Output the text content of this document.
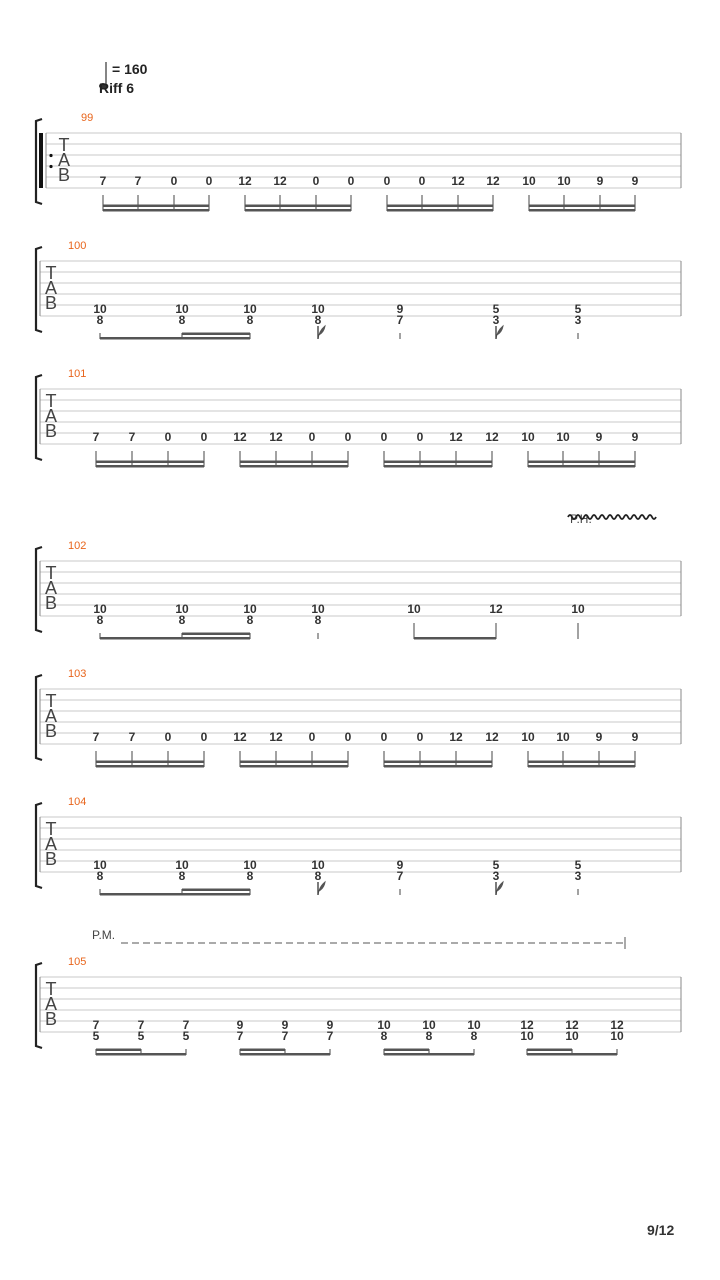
= 160
Riff 6
T
A
B
99
7 7 0 0 12 12 0 0 0 0 12 12 10 10 9 9
T
A
B
100
10
8
10
8
10
8
10
8
9
7
5
3
5
3
T
A
B
101
7 7 0 0 12 12 0 0 0 0 12 12 10 10 9 9
T
A
B
102
10
8
10
8
10
8
10
8
10	12	10
T
A
B
103
7 7 0 0 12 12 0 0 0 0 12 12 10 10 9 9
T
A
B
104
10
8
10
8
10
8
10
8
9
7
5
3
5
3
T
A
B
105
7
5
7
5
7
5
9
7
9
7
9
7
10
8
10
8
10
8
12
10
12
10
12
10
P.H.
P.M.
9/12
